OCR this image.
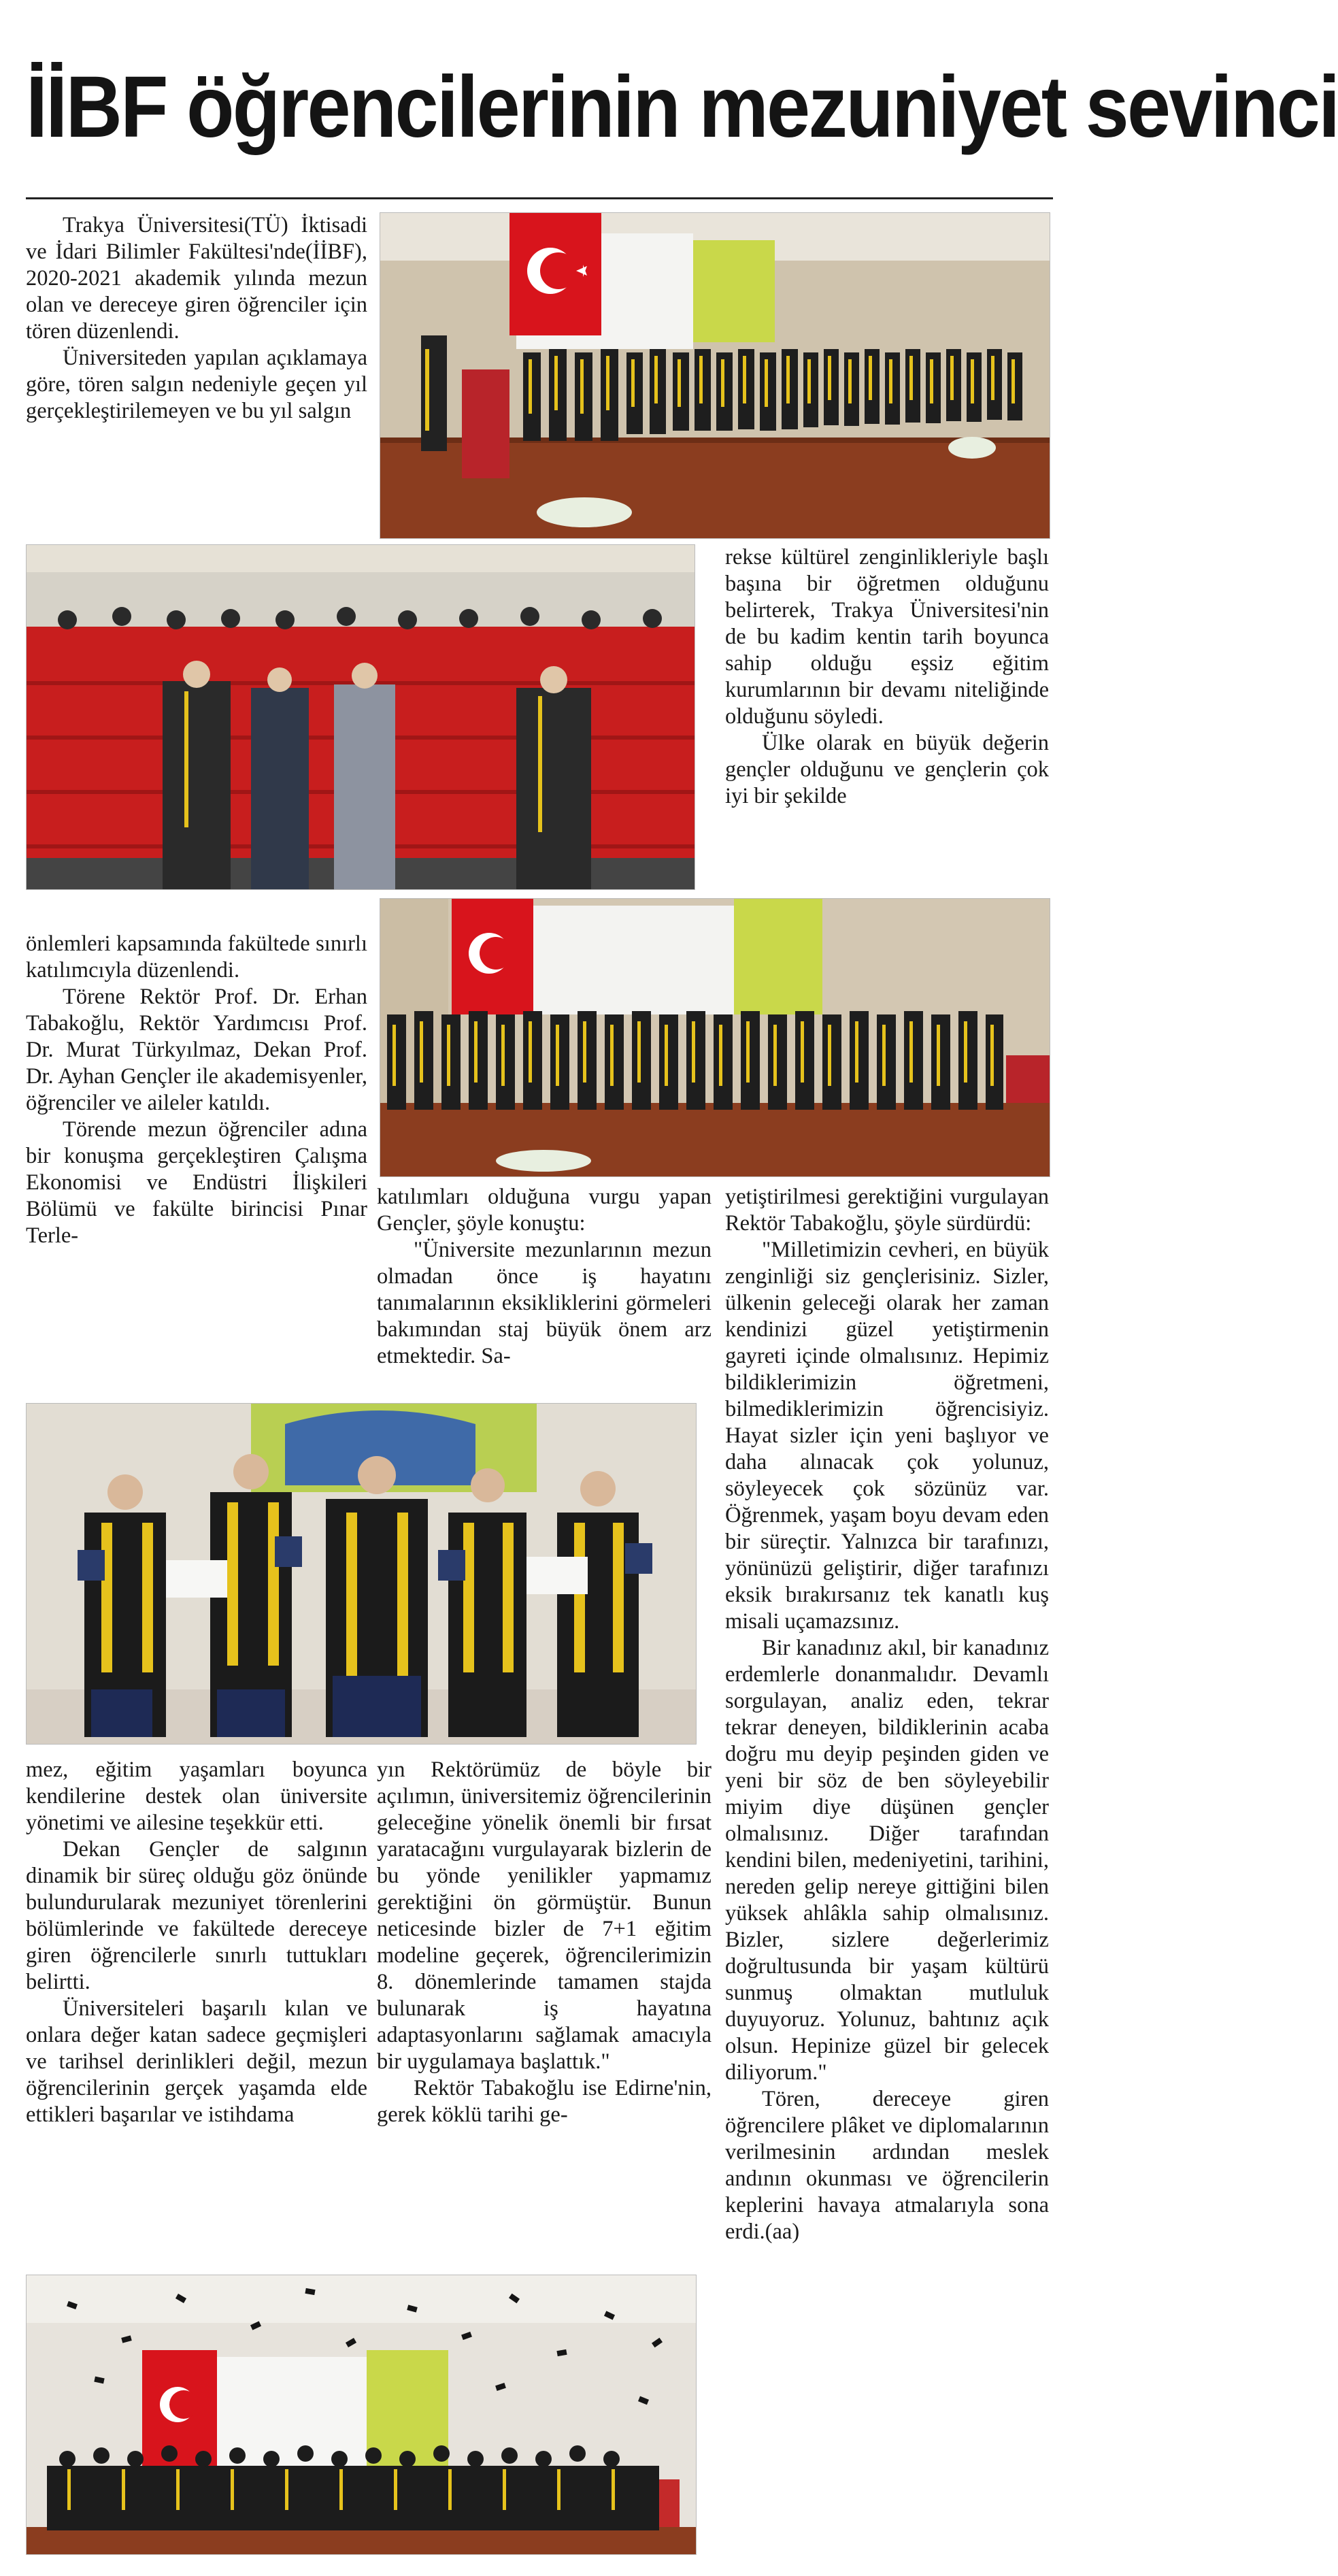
İİBF öğrencilerinin mezuniyet sevinci

Trakya Üniversitesi(TÜ) İktisadi ve İdari Bilimler Fakültesi'nde(İİBF), 2020-2021 akademik yılında mezun olan ve dereceye giren öğrenciler için tören düzenlendi.

Üniversiteden yapılan açıklamaya göre, tören salgın nedeniyle geçen yıl gerçekleştirilemeyen ve bu yıl salgın

rekse kültürel zenginlikleriyle başlı başına bir öğretmen olduğunu belirterek, Trakya Üniversitesi'nin de bu kadim kentin tarih boyunca sahip olduğu eşsiz eğitim kurumlarının bir devamı niteliğinde olduğunu söyledi.

Ülke olarak en büyük değerin gençler olduğunu ve gençlerin çok iyi bir şekilde

önlemleri kapsamında fakültede sınırlı katılımcıyla düzenlendi.

Törene Rektör Prof. Dr. Erhan Tabakoğlu, Rektör Yardımcısı Prof. Dr. Murat Türkyılmaz, Dekan Prof. Dr. Ayhan Gençler ile akademisyenler, öğrenciler ve aileler katıldı.

Törende mezun öğrenciler adına bir konuşma gerçekleştiren Çalışma Ekonomisi ve Endüstri İlişkileri Bölümü ve fakülte birincisi Pınar Terle-

katılımları olduğuna vurgu yapan Gençler, şöyle konuştu:

"Üniversite mezunlarının mezun olmadan önce iş hayatını tanımalarının eksikliklerini görmeleri bakımından staj büyük önem arz etmektedir. Sa-

yetiştirilmesi gerektiğini vurgulayan Rektör Tabakoğlu, şöyle sürdürdü:

"Milletimizin cevheri, en büyük zenginliği siz gençlerisiniz. Sizler, ülkenin geleceği olarak her zaman kendinizi güzel yetiştirmenin gayreti içinde olmalısınız. Hepimiz bildiklerimizin öğretmeni, bilmediklerimizin öğrencisiyiz. Hayat sizler için yeni başlıyor ve daha alınacak çok yolunuz, söyleyecek çok sözünüz var. Öğrenmek, yaşam boyu devam eden bir süreçtir. Yalnızca bir tarafınızı, yönünüzü geliştirir, diğer tarafınızı eksik bırakırsanız tek kanatlı kuş misali uçamazsınız.

Bir kanadınız akıl, bir kanadınız erdemlerle donanmalıdır. Devamlı sorgulayan, analiz eden, tekrar tekrar deneyen, bildiklerinin acaba doğru mu deyip peşinden giden ve yeni bir söz de ben söyleyebilir miyim diye düşünen gençler olmalısınız. Diğer tarafından kendini bilen, medeniyetini, tarihini, nereden gelip nereye gittiğini bilen yüksek ahlâkla sahip olmalısınız. Bizler, sizlere değerlerimiz doğrultusunda bir yaşam kültürü sunmuş olmaktan mutluluk duyuyoruz. Yolunuz, bahtınız açık olsun. Hepinize güzel bir gelecek diliyorum."

Tören, dereceye giren öğrencilere plâket ve diplomalarının verilmesinin ardından meslek andının okunması ve öğrencilerin keplerini havaya atmalarıyla sona erdi.(aa)

mez, eğitim yaşamları boyunca kendilerine destek olan üniversite yönetimi ve ailesine teşekkür etti.

Dekan Gençler de salgının dinamik bir süreç olduğu göz önünde bulundurularak mezuniyet törenlerini bölümlerinde ve fakültede dereceye giren öğrencilerle sınırlı tuttukları belirtti.

Üniversiteleri başarılı kılan ve onlara değer katan sadece geçmişleri ve tarihsel derinlikleri değil, mezun öğrencilerinin gerçek yaşamda elde ettikleri başarılar ve istihdama

yın Rektörümüz de böyle bir açılımın, üniversitemiz öğrencilerinin geleceğine yönelik önemli bir fırsat yaratacağını vurgulayarak bizlerin de bu yönde yenilikler yapmamız gerektiğini ön görmüştür. Bunun neticesinde bizler de 7+1 eğitim modeline geçerek, öğrencilerimizin 8. dönemlerinde tamamen stajda bulunarak iş hayatına adaptasyonlarını sağlamak amacıyla bir uygulamaya başlattık."

Rektör Tabakoğlu ise Edirne'nin, gerek köklü tarihi ge-
